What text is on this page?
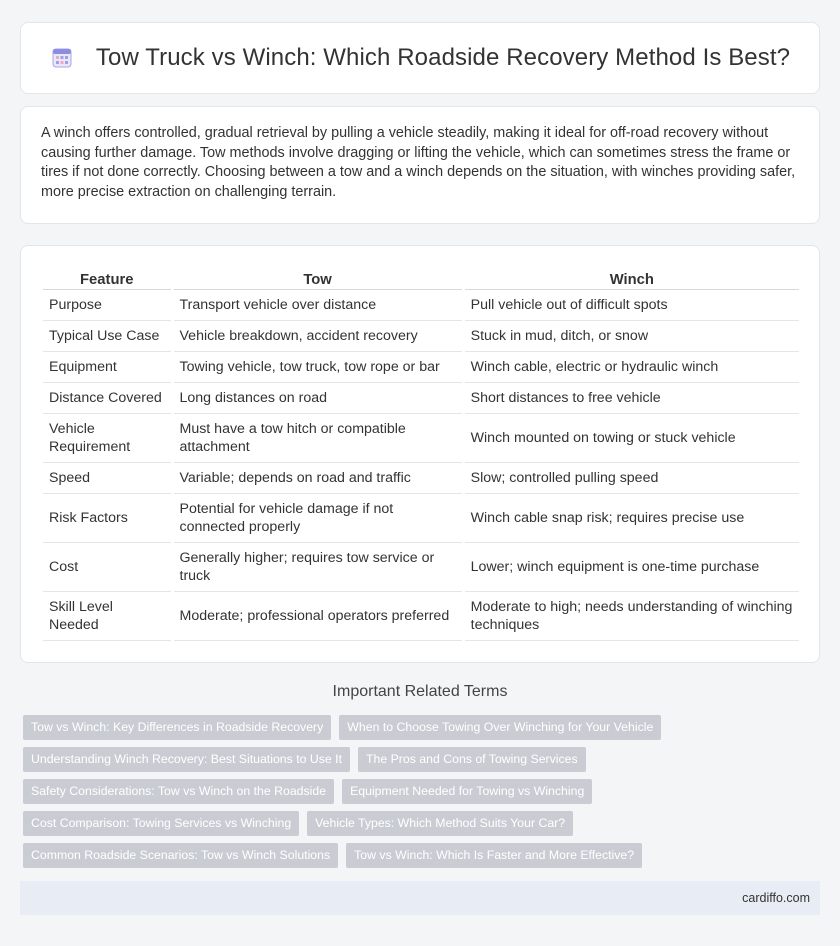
Tow Truck vs Winch: Which Roadside Recovery Method Is Best?

A winch offers controlled, gradual retrieval by pulling a vehicle steadily, making it ideal for off-road recovery without causing further damage. Tow methods involve dragging or lifting the vehicle, which can sometimes stress the frame or tires if not done correctly. Choosing between a tow and a winch depends on the situation, with winches providing safer, more precise extraction on challenging terrain.

Feature		Tow		Winch
Purpose		Transport vehicle over distance		Pull vehicle out of difficult spots
Typical Use Case		Vehicle breakdown, accident recovery		Stuck in mud, ditch, or snow
Equipment		Towing vehicle, tow truck, tow rope or bar		Winch cable, electric or hydraulic winch
Distance Covered		Long distances on road		Short distances to free vehicle
Vehicle Requirement		Must have a tow hitch or compatible attachment		Winch mounted on towing or stuck vehicle
Speed		Variable; depends on road and traffic		Slow; controlled pulling speed
Risk Factors		Potential for vehicle damage if not connected properly		Winch cable snap risk; requires precise use
Cost		Generally higher; requires tow service or truck		Lower; winch equipment is one-time purchase
Skill Level Needed		Moderate; professional operators preferred		Moderate to high; needs understanding of winching techniques
Important Related Terms
Tow vs Winch: Key Differences in Roadside Recovery	When to Choose Towing Over Winching for Your Vehicle
Understanding Winch Recovery: Best Situations to Use It	The Pros and Cons of Towing Services
Safety Considerations: Tow vs Winch on the Roadside	Equipment Needed for Towing vs Winching
Cost Comparison: Towing Services vs Winching	Vehicle Types: Which Method Suits Your Car?
Common Roadside Scenarios: Tow vs Winch Solutions	Tow vs Winch: Which Is Faster and More Effective?
cardiffo.com
